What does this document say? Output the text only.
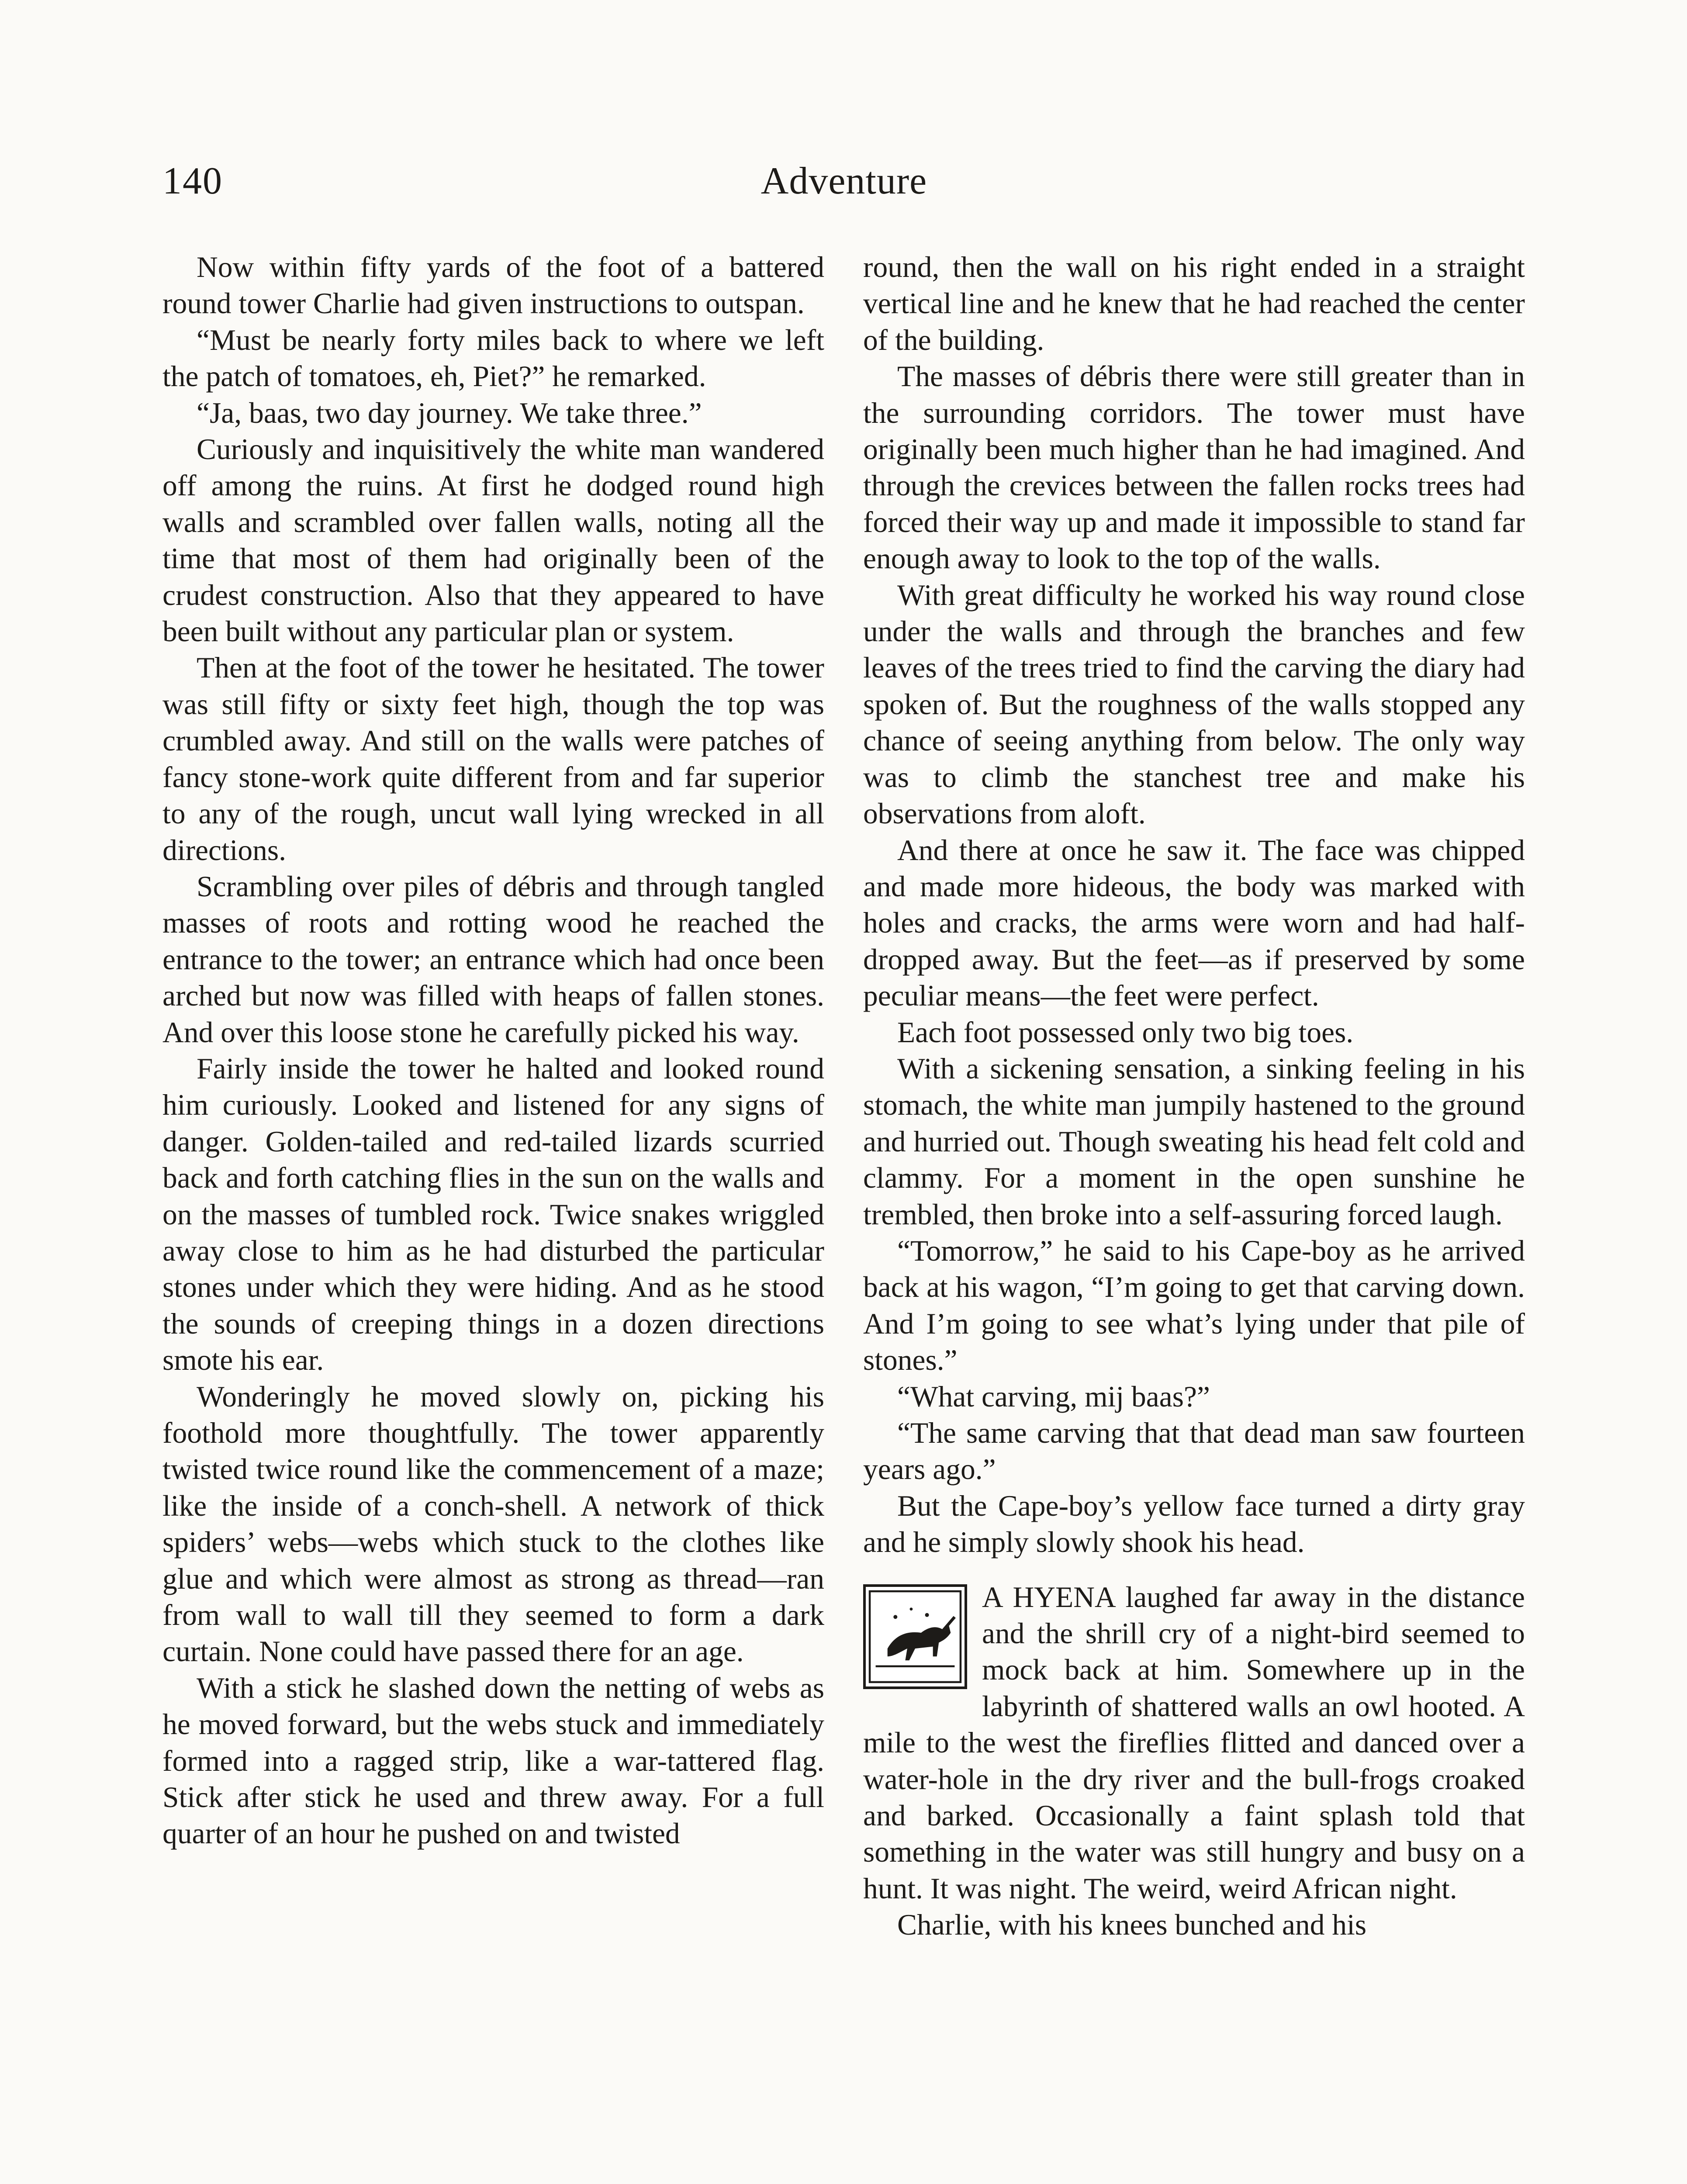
140	Adventure

Now within fifty yards of the foot of a battered round tower Charlie had given instructions to outspan.

“Must be nearly forty miles back to where we left the patch of tomatoes, eh, Piet?” he remarked.

“Ja, baas, two day journey. We take three.”

Curiously and inquisitively the white man wandered off among the ruins. At first he dodged round high walls and scrambled over fallen walls, noting all the time that most of them had originally been of the crudest construction. Also that they appeared to have been built without any particular plan or system.

Then at the foot of the tower he hesitated. The tower was still fifty or sixty feet high, though the top was crumbled away. And still on the walls were patches of fancy stone-work quite different from and far superior to any of the rough, uncut wall lying wrecked in all directions.

Scrambling over piles of débris and through tangled masses of roots and rotting wood he reached the entrance to the tower; an entrance which had once been arched but now was filled with heaps of fallen stones. And over this loose stone he carefully picked his way.

Fairly inside the tower he halted and looked round him curiously. Looked and listened for any signs of danger. Golden-tailed and red-tailed lizards scurried back and forth catching flies in the sun on the walls and on the masses of tumbled rock. Twice snakes wriggled away close to him as he had disturbed the particular stones under which they were hiding. And as he stood the sounds of creeping things in a dozen directions smote his ear.

Wonderingly he moved slowly on, picking his foothold more thoughtfully. The tower apparently twisted twice round like the commencement of a maze; like the inside of a conch-shell. A network of thick spiders’ webs—webs which stuck to the clothes like glue and which were almost as strong as thread—ran from wall to wall till they seemed to form a dark curtain. None could have passed there for an age.

With a stick he slashed down the netting of webs as he moved forward, but the webs stuck and immediately formed into a ragged strip, like a war-tattered flag. Stick after stick he used and threw away. For a full quarter of an hour he pushed on and twisted

round, then the wall on his right ended in a straight vertical line and he knew that he had reached the center of the building.

The masses of débris there were still greater than in the surrounding corridors. The tower must have originally been much higher than he had imagined. And through the crevices between the fallen rocks trees had forced their way up and made it impossible to stand far enough away to look to the top of the walls.

With great difficulty he worked his way round close under the walls and through the branches and few leaves of the trees tried to find the carving the diary had spoken of. But the roughness of the walls stopped any chance of seeing anything from below. The only way was to climb the stanchest tree and make his observations from aloft.

And there at once he saw it. The face was chipped and made more hideous, the body was marked with holes and cracks, the arms were worn and had half-dropped away. But the feet—as if preserved by some peculiar means—the feet were perfect.

Each foot possessed only two big toes.

With a sickening sensation, a sinking feeling in his stomach, the white man jumpily hastened to the ground and hurried out. Though sweating his head felt cold and clammy. For a moment in the open sunshine he trembled, then broke into a self-assuring forced laugh.

“Tomorrow,” he said to his Cape-boy as he arrived back at his wagon, “I’m going to get that carving down. And I’m going to see what’s lying under that pile of stones.”

“What carving, mij baas?”

“The same carving that that dead man saw fourteen years ago.”

But the Cape-boy’s yellow face turned a dirty gray and he simply slowly shook his head.

A HYENA laughed far away in the distance and the shrill cry of a night-bird seemed to mock back at him. Somewhere up in the labyrinth of shattered walls an owl hooted. A mile to the west the fireflies flitted and danced over a water-hole in the dry river and the bull-frogs croaked and barked. Occasionally a faint splash told that something in the water was still hungry and busy on a hunt. It was night. The weird, weird African night.

Charlie, with his knees bunched and his
